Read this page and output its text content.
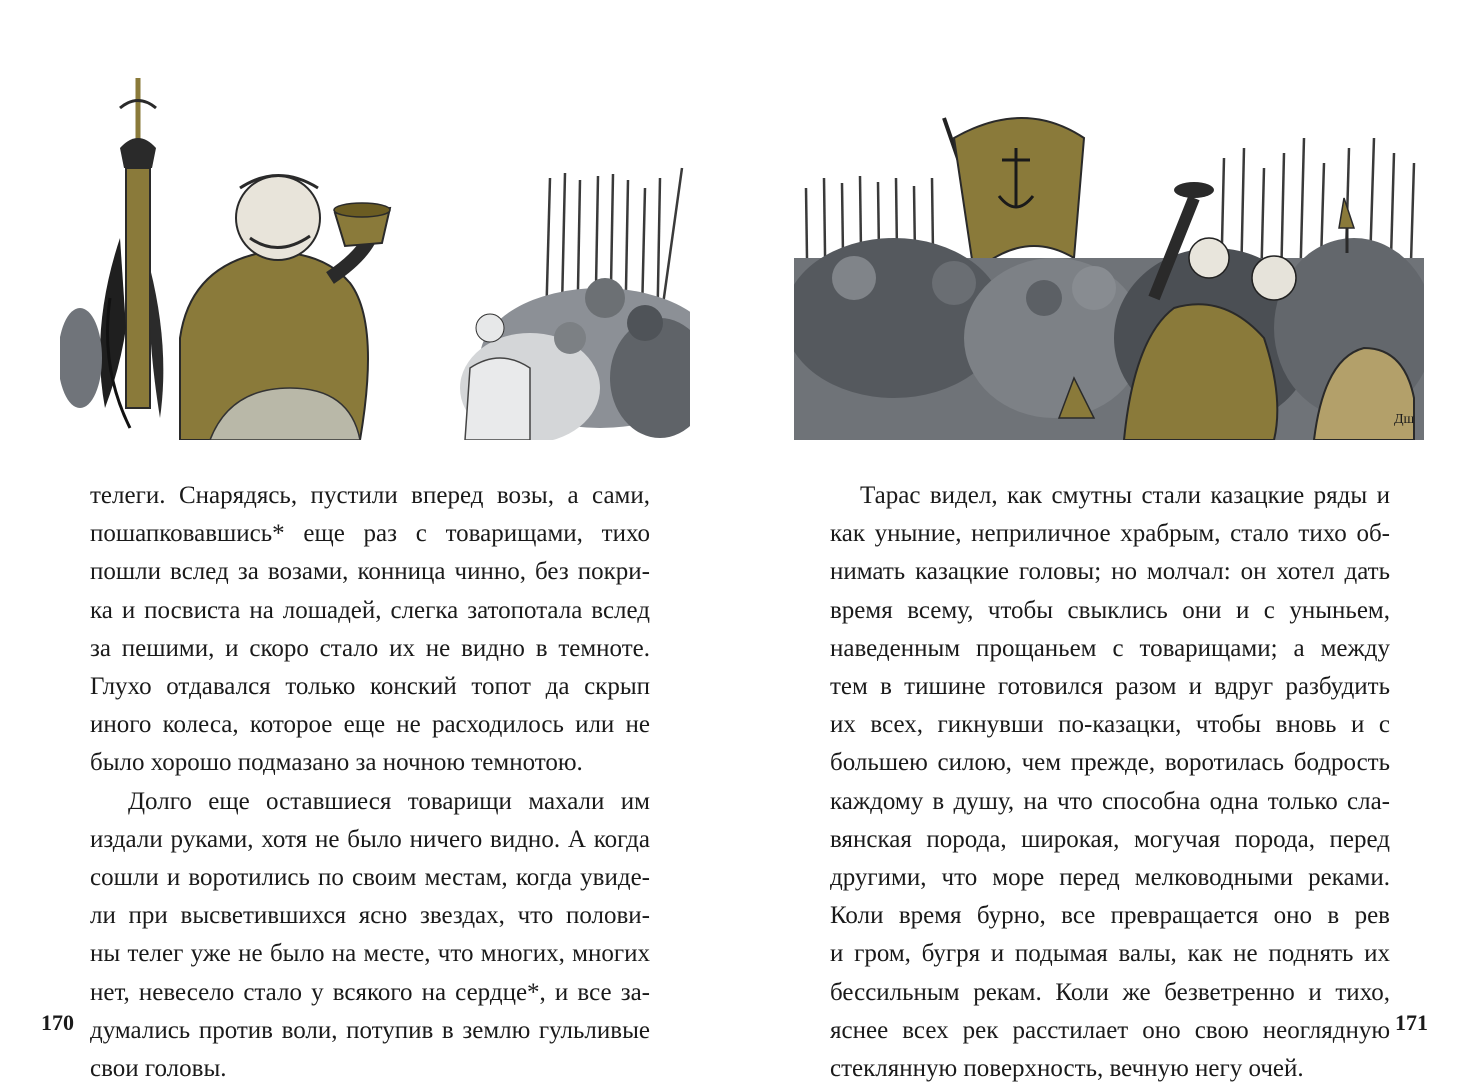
телеги. Снарядясь, пустили вперед возы, а сами,
пошапковавшись* еще раз с товарищами, тихо
пошли вслед за возами, конница чинно, без покри-
ка и посвиста на лошадей, слегка затопотала вслед
за пешими, и скоро стало их не видно в темноте.
Глухо отдавался только конский топот да скрып
иного колеса, которое еще не расходилось или не
было хорошо подмазано за ночною темнотою.

Долго еще оставшиеся товарищи махали им
издали руками, хотя не было ничего видно. А когда
сошли и воротились по своим местам, когда увиде-
ли при высветившихся ясно звездах, что полови-
ны телег уже не было на месте, что многих, многих
нет, невесело стало у всякого на сердце*, и все за-
думались против воли, потупив в землю гульливые
свои головы.

170
Дш

Тарас видел, как смутны стали казацкие ряды и
как уныние, неприличное храбрым, стало тихо об-
нимать казацкие головы; но молчал: он хотел дать
время всему, чтобы свыклись они и с уныньем,
наведенным прощаньем с товарищами; а между
тем в тишине готовился разом и вдруг разбудить
их всех, гикнувши по-казацки, чтобы вновь и с
большею силою, чем прежде, воротилась бодрость
каждому в душу, на что способна одна только сла-
вянская порода, широкая, могучая порода, перед
другими, что море перед мелководными реками.
Коли время бурно, все превращается оно в рев
и гром, бугря и подымая валы, как не поднять их
бессильным рекам. Коли же безветренно и тихо,
яснее всех рек расстилает оно свою неоглядную
стеклянную поверхность, вечную негу очей.

171
